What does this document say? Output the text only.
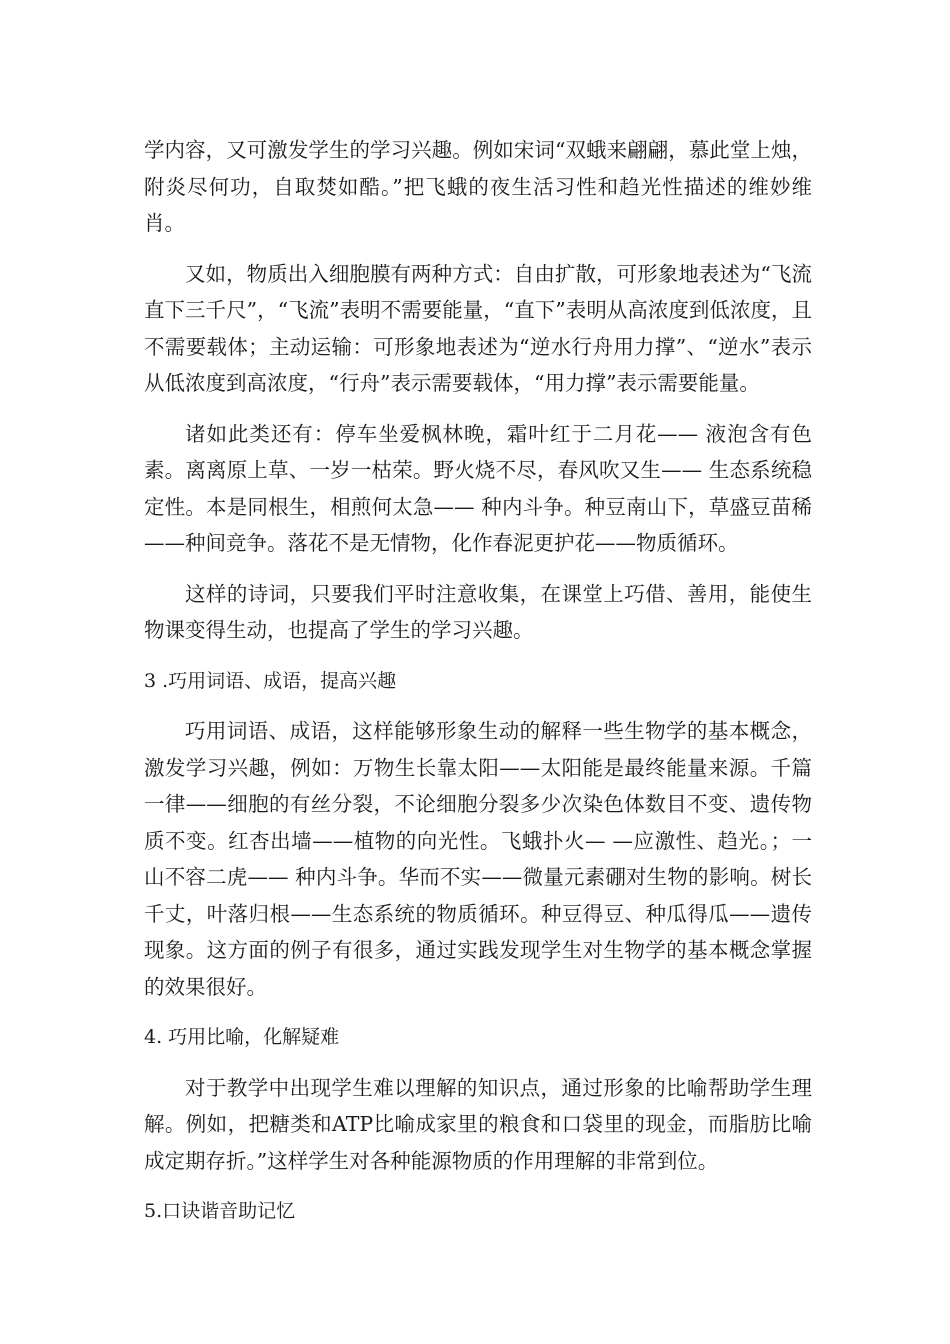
学内容，又可激发学生的学习兴趣。例如宋词“双蛾来翩翩，慕此堂上烛，附炎尽何功，自取焚如酷。”把飞蛾的夜生活习性和趋光性描述的维妙维肖。

又如，物质出入细胞膜有两种方式：自由扩散，可形象地表述为“飞流直下三千尺”，“飞流”表明不需要能量，“直下”表明从高浓度到低浓度，且不需要载体；主动运输：可形象地表述为“逆水行舟用力撑”、“逆水”表示从低浓度到高浓度，“行舟”表示需要载体，“用力撑”表示需要能量。

诸如此类还有：停车坐爱枫林晚，霜叶红于二月花—— 液泡含有色素。离离原上草、一岁一枯荣。野火烧不尽，春风吹又生—— 生态系统稳定性。本是同根生，相煎何太急—— 种内斗争。种豆南山下，草盛豆苗稀——种间竞争。落花不是无情物，化作春泥更护花——物质循环。

这样的诗词，只要我们平时注意收集，在课堂上巧借、善用，能使生物课变得生动，也提高了学生的学习兴趣。

3 .巧用词语、成语，提高兴趣

巧用词语、成语，这样能够形象生动的解释一些生物学的基本概念，激发学习兴趣，例如：万物生长靠太阳——太阳能是最终能量来源。千篇一律——细胞的有丝分裂，不论细胞分裂多少次染色体数目不变、遗传物质不变。红杏出墙——植物的向光性。飞蛾扑火— —应激性、趋光。；一山不容二虎—— 种内斗争。华而不实——微量元素硼对生物的影响。树长千丈，叶落归根——生态系统的物质循环。种豆得豆、种瓜得瓜——遗传现象。这方面的例子有很多，通过实践发现学生对生物学的基本概念掌握的效果很好。

4. 巧用比喻，化解疑难

对于教学中出现学生难以理解的知识点，通过形象的比喻帮助学生理解。例如，把糖类和ATP比喻成家里的粮食和口袋里的现金，而脂肪比喻成定期存折。”这样学生对各种能源物质的作用理解的非常到位。

5.口诀谐音助记忆
